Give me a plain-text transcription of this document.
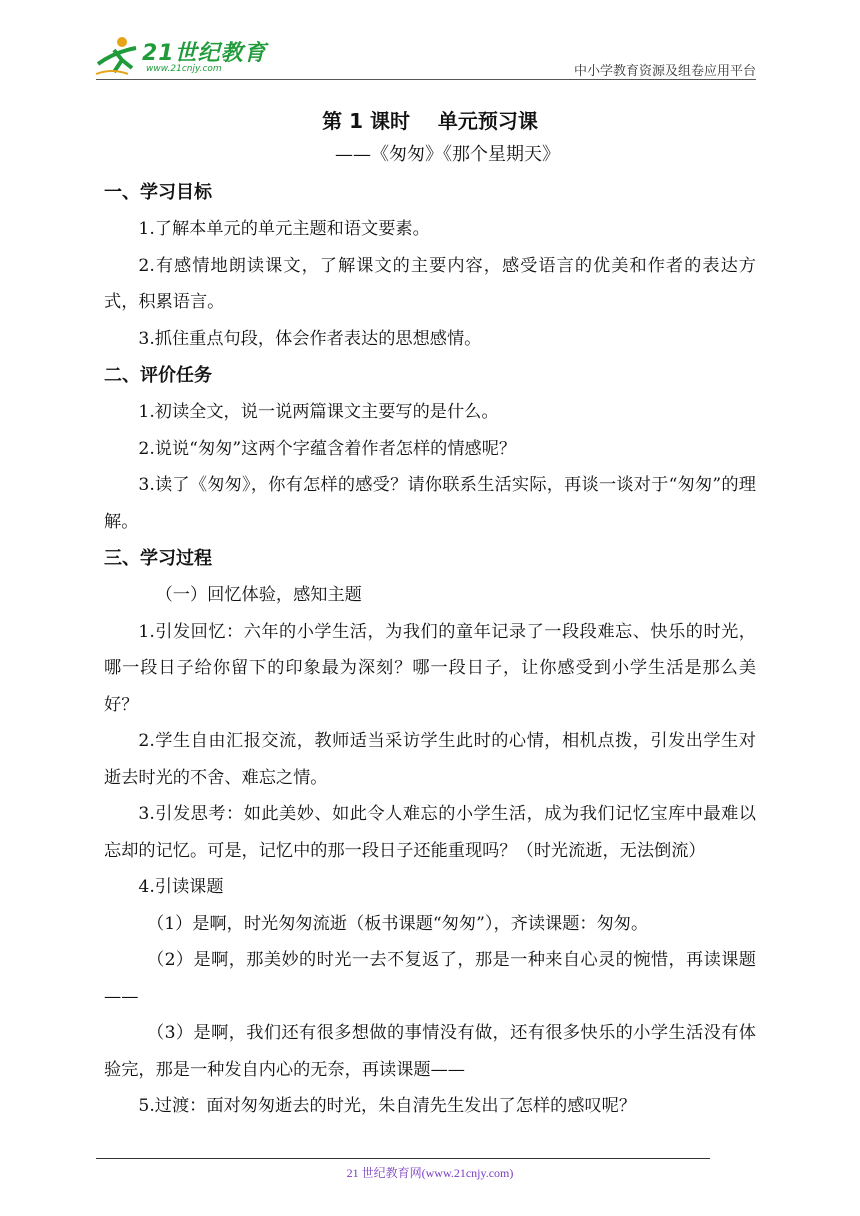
21世纪教育
www.21cnjy.com	中小学教育资源及组卷应用平台
第 1 课时    单元预习课
——《匆匆》《那个星期天》
一、学习目标
1.了解本单元的单元主题和语文要素。
2.有感情地朗读课文，了解课文的主要内容，感受语言的优美和作者的表达方式，积累语言。
3.抓住重点句段，体会作者表达的思想感情。
二、评价任务
1.初读全文，说一说两篇课文主要写的是什么。
2.说说“匆匆”这两个字蕴含着作者怎样的情感呢？
3.读了《匆匆》，你有怎样的感受？请你联系生活实际，再谈一谈对于“匆匆”的理解。
三、学习过程
（一）回忆体验，感知主题
1.引发回忆：六年的小学生活，为我们的童年记录了一段段难忘、快乐的时光，哪一段日子给你留下的印象最为深刻？哪一段日子，让你感受到小学生活是那么美好？
2.学生自由汇报交流，教师适当采访学生此时的心情，相机点拨，引发出学生对逝去时光的不舍、难忘之情。
3.引发思考：如此美妙、如此令人难忘的小学生活，成为我们记忆宝库中最难以忘却的记忆。可是，记忆中的那一段日子还能重现吗？（时光流逝，无法倒流）
4.引读课题
（1）是啊，时光匆匆流逝（板书课题“匆匆”），齐读课题：匆匆。
（2）是啊，那美妙的时光一去不复返了，那是一种来自心灵的惋惜，再读课题——
（3）是啊，我们还有很多想做的事情没有做，还有很多快乐的小学生活没有体验完，那是一种发自内心的无奈，再读课题——
5.过渡：面对匆匆逝去的时光，朱自清先生发出了怎样的感叹呢？
21 世纪教育网(www.21cnjy.com)
